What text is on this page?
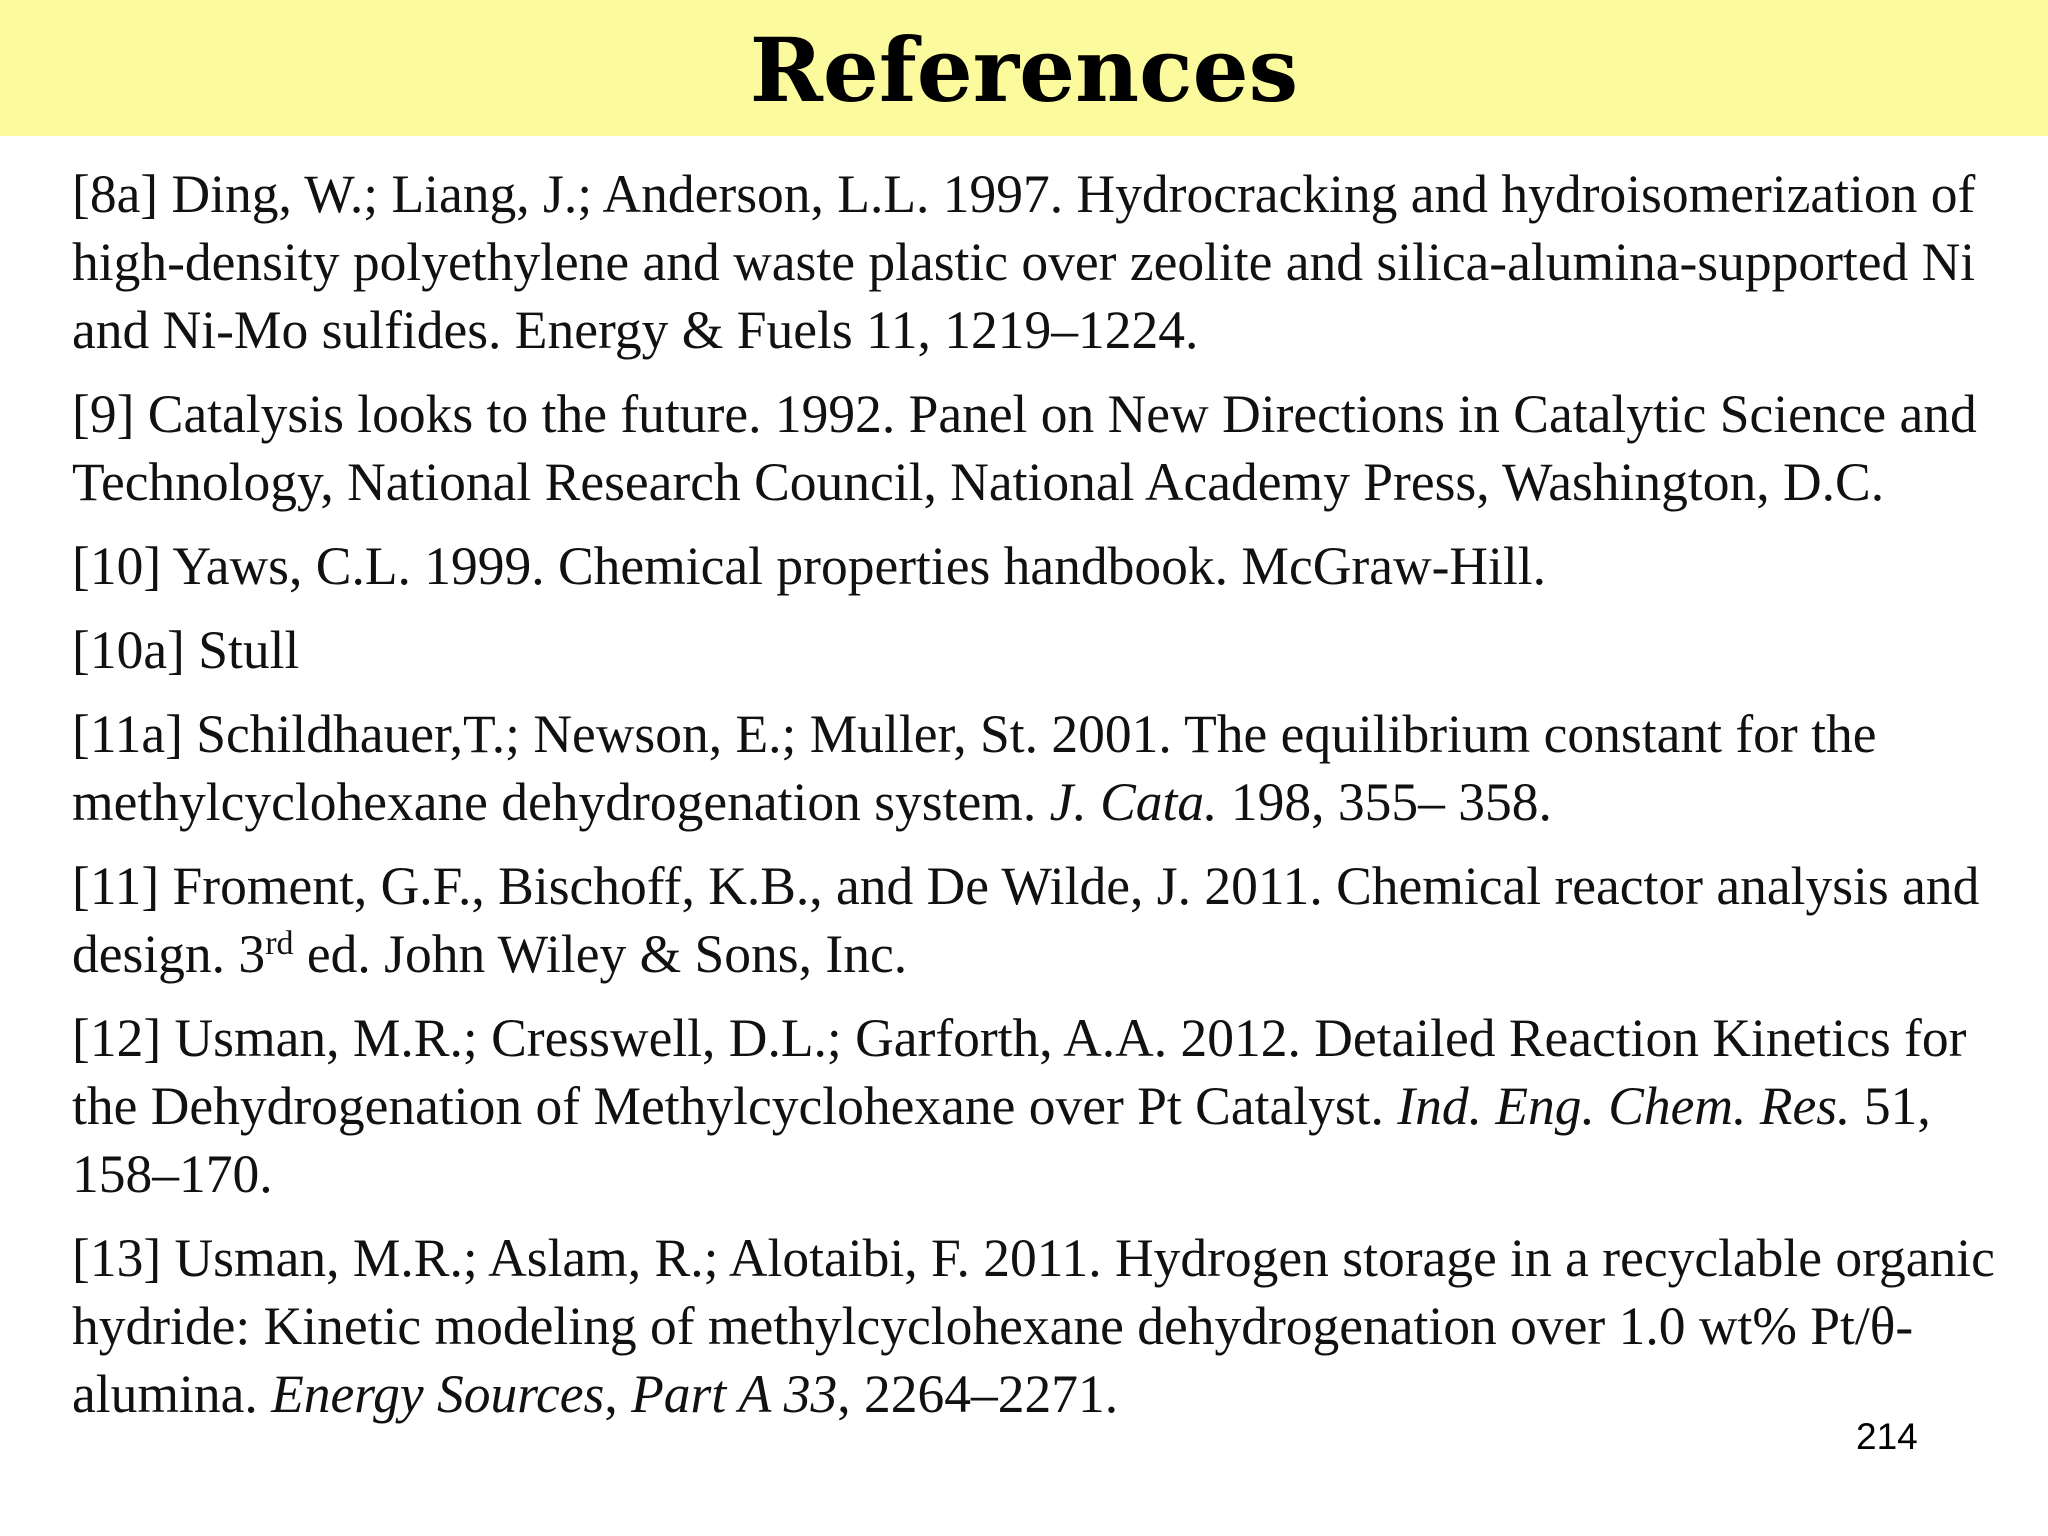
References

[8a] Ding, W.; Liang, J.; Anderson, L.L. 1997. Hydrocracking and hydroisomerization of high-density polyethylene and waste plastic over zeolite and silica-alumina-supported Ni and Ni-Mo sulfides. Energy & Fuels 11, 1219–1224.

[9] Catalysis looks to the future. 1992. Panel on New Directions in Catalytic Science and Technology, National Research Council, National Academy Press, Washington, D.C.

[10] Yaws, C.L. 1999. Chemical properties handbook. McGraw-Hill.

[10a] Stull

[11a] Schildhauer,T.; Newson, E.; Muller, St. 2001. The equilibrium constant for the methylcyclohexane dehydrogenation system. J. Cata. 198, 355– 358.

[11] Froment, G.F., Bischoff, K.B., and De Wilde, J. 2011. Chemical reactor analysis and design. 3rd ed. John Wiley & Sons, Inc.

[12] Usman, M.R.; Cresswell, D.L.; Garforth, A.A. 2012. Detailed Reaction Kinetics for the Dehydrogenation of Methylcyclohexane over Pt Catalyst. Ind. Eng. Chem. Res. 51, 158–170.

[13] Usman, M.R.; Aslam, R.; Alotaibi, F. 2011. Hydrogen storage in a recyclable organic hydride: Kinetic modeling of methylcyclohexane dehydrogenation over 1.0 wt% Pt/θ-alumina. Energy Sources, Part A 33, 2264–2271.

214
